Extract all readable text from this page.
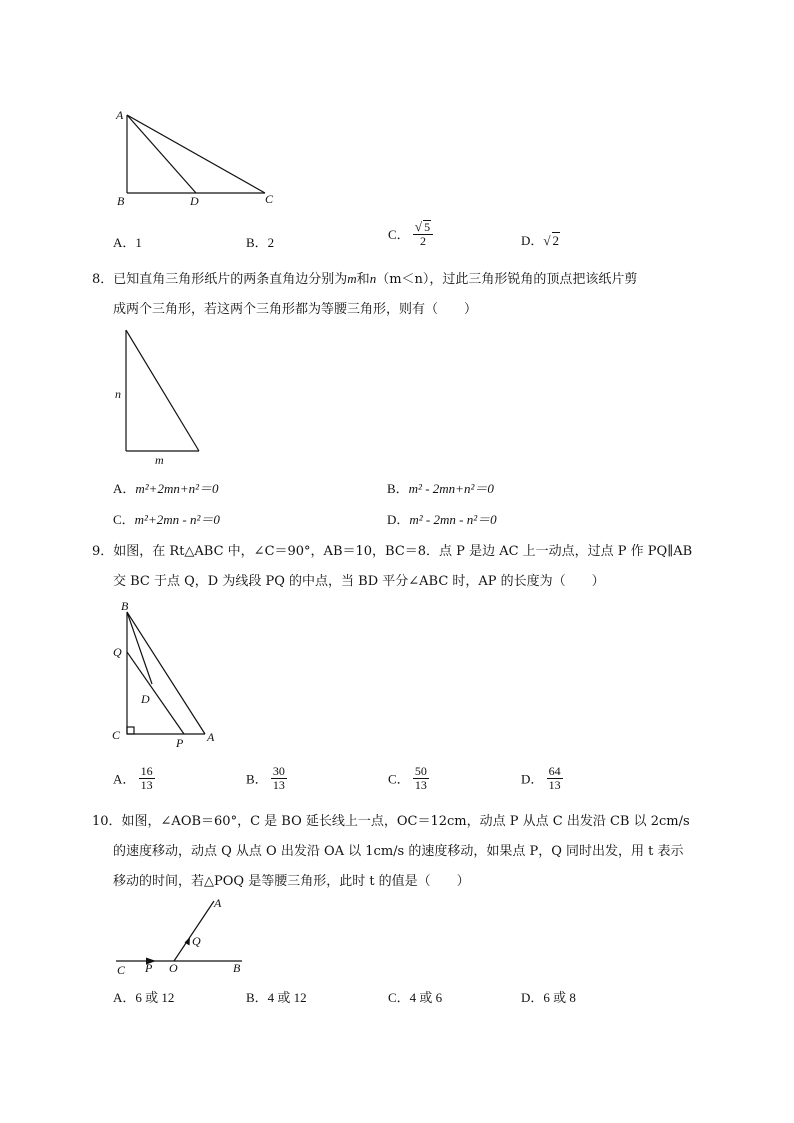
A
B	D	C
A．1	B．2
C． $\frac{√ 5}{2}$	D．√ 2
8．已知直角三角形纸片的两条直角边分别为m和n（m＜n），过此三角形锐角的顶点把该纸片剪
成两个三角形，若这两个三角形都为等腰三角形，则有（　　）
n
m
A．m²+2mn+n²＝0	B．m² - 2mn+n²＝0
C．m²+2mn - n²＝0	D．m² - 2mn - n²＝0
9．如图，在 Rt△ABC 中，∠C＝90°，AB＝10，BC＝8．点 P 是边 AC 上一动点，过点 P 作 PQ∥AB
交 BC 于点 Q，D 为线段 PQ 的中点，当 BD 平分∠ABC 时，AP 的长度为（　　）
B
Q
D
C
P A
A． $\frac{16}{13}$	B． $\frac{30}{13}$	C． $\frac{50}{13}$	D． $\frac{64}{13}$
10．如图，∠AOB＝60°，C 是 BO 延长线上一点，OC＝12cm，动点 P 从点 C 出发沿 CB 以 2cm/s
的速度移动，动点 Q 从点 O 出发沿 OA 以 1cm/s 的速度移动，如果点 P，Q 同时出发，用 t 表示
移动的时间，若△POQ 是等腰三角形，此时 t 的值是（　　）
A
Q
C P O	B
A．6 或 12	B．4 或 12	C．4 或 6	D．6 或 8
